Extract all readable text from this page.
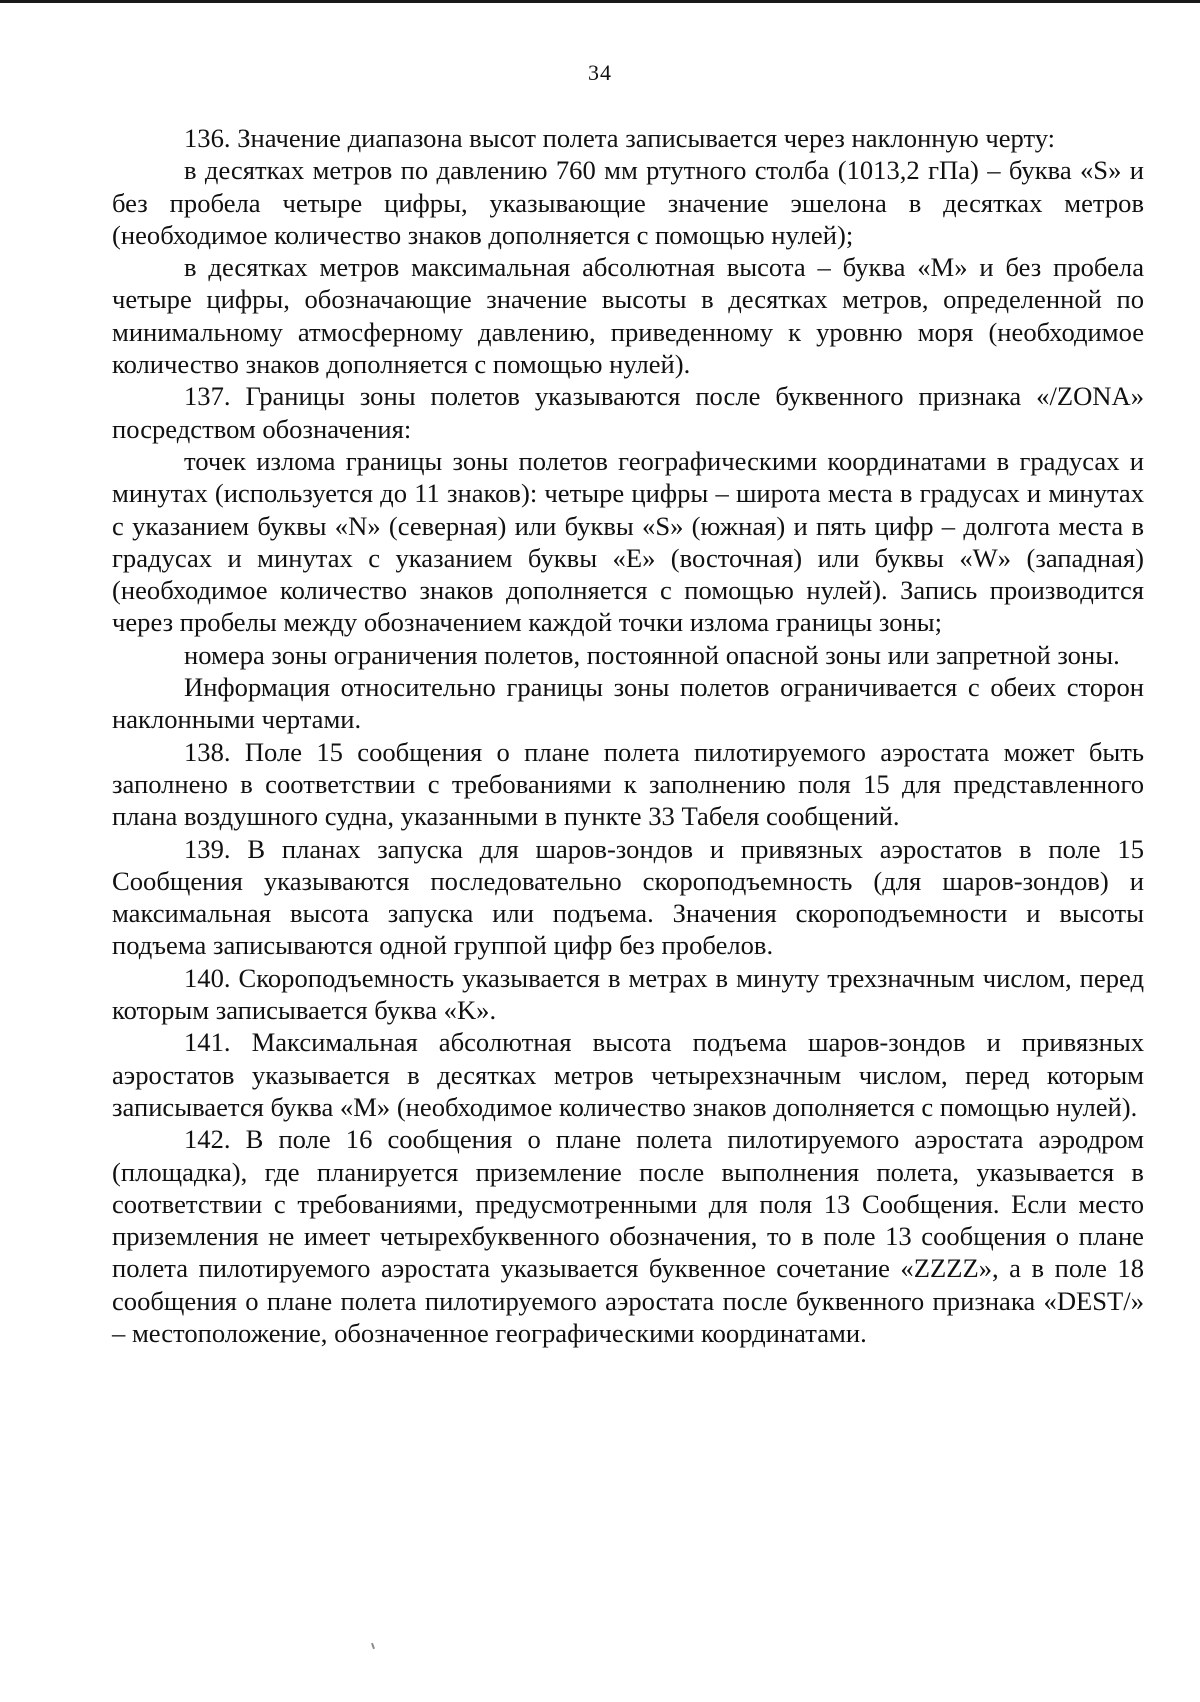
34

136. Значение диапазона высот полета записывается через наклонную черту:

в десятках метров по давлению 760 мм ртутного столба (1013,2 гПа) – буква «S» и без пробела четыре цифры, указывающие значение эшелона в десятках метров (необходимое количество знаков дополняется с помощью нулей);

в десятках метров максимальная абсолютная высота – буква «М» и без пробела четыре цифры, обозначающие значение высоты в десятках метров, определенной по минимальному атмосферному давлению, приведенному к уровню моря (необходимое количество знаков дополняется с помощью нулей).

137. Границы зоны полетов указываются после буквенного признака «/ZONA» посредством обозначения:

точек излома границы зоны полетов географическими координатами в градусах и минутах (используется до 11 знаков): четыре цифры – широта места в градусах и минутах с указанием буквы «N» (северная) или буквы «S» (южная) и пять цифр – долгота места в градусах и минутах с указанием буквы «E» (восточная) или буквы «W» (западная) (необходимое количество знаков дополняется с помощью нулей). Запись производится через пробелы между обозначением каждой точки излома границы зоны;

номера зоны ограничения полетов, постоянной опасной зоны или запретной зоны.

Информация относительно границы зоны полетов ограничивается с обеих сторон наклонными чертами.

138. Поле 15 сообщения о плане полета пилотируемого аэростата может быть заполнено в соответствии с требованиями к заполнению поля 15 для представленного плана воздушного судна, указанными в пункте 33 Табеля сообщений.

139. В планах запуска для шаров-зондов и привязных аэростатов в поле 15 Сообщения указываются последовательно скороподъемность (для шаров-зондов) и максимальная высота запуска или подъема. Значения скороподъемности и высоты подъема записываются одной группой цифр без пробелов.

140. Скороподъемность указывается в метрах в минуту трехзначным числом, перед которым записывается буква «K».

141. Максимальная абсолютная высота подъема шаров-зондов и привязных аэростатов указывается в десятках метров четырехзначным числом, перед которым записывается буква «М» (необходимое количество знаков дополняется с помощью нулей).

142. В поле 16 сообщения о плане полета пилотируемого аэростата аэродром (площадка), где планируется приземление после выполнения полета, указывается в соответствии с требованиями, предусмотренными для поля 13 Сообщения. Если место приземления не имеет четырехбуквенного обозначения, то в поле 13 сообщения о плане полета пилотируемого аэростата указывается буквенное сочетание «ZZZZ», а в поле 18 сообщения о плане полета пилотируемого аэростата после буквенного признака «DEST/» – местоположение, обозначенное географическими координатами.
